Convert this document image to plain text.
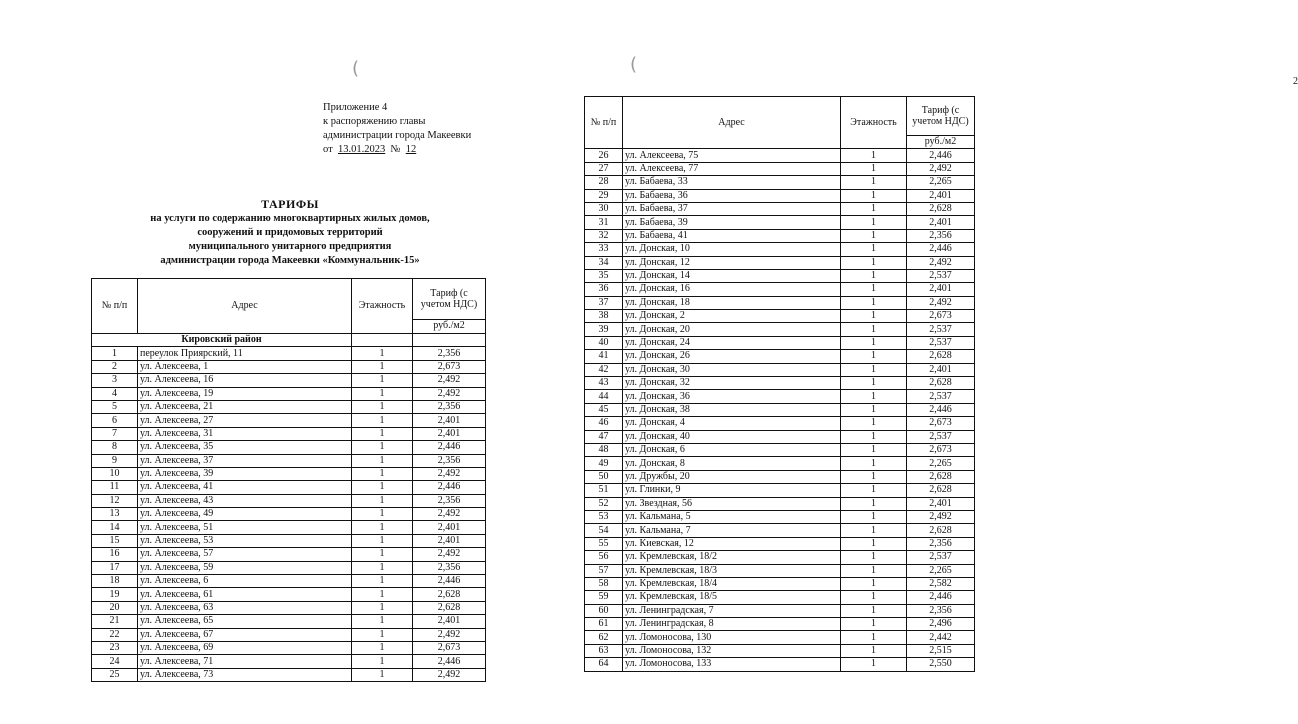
(
Приложение 4
к распоряжению главы
администрации города Макеевки
от 13.01.2023 № 12
ТАРИФЫ
на услуги по содержанию многоквартирных жилых домов,
сооружений и придомовых территорий
муниципального унитарного предприятия
администрации города Макеевки «Коммунальник-15»
№ п/п	Адрес	Этажность	Тариф (с учетом НДС)
			руб./м2
Кировский район			
1	переулок Приярский, 11	1	2,356
2	ул. Алексеева, 1	1	2,673
3	ул. Алексеева, 16	1	2,492
4	ул. Алексеева, 19	1	2,492
5	ул. Алексеева, 21	1	2,356
6	ул. Алексеева, 27	1	2,401
7	ул. Алексеева, 31	1	2,401
8	ул. Алексеева, 35	1	2,446
9	ул. Алексеева, 37	1	2,356
10	ул. Алексеева, 39	1	2,492
11	ул. Алексеева, 41	1	2,446
12	ул. Алексеева, 43	1	2,356
13	ул. Алексеева, 49	1	2,492
14	ул. Алексеева, 51	1	2,401
15	ул. Алексеева, 53	1	2,401
16	ул. Алексеева, 57	1	2,492
17	ул. Алексеева, 59	1	2,356
18	ул. Алексеева, 6	1	2,446
19	ул. Алексеева, 61	1	2,628
20	ул. Алексеева, 63	1	2,628
21	ул. Алексеева, 65	1	2,401
22	ул. Алексеева, 67	1	2,492
23	ул. Алексеева, 69	1	2,673
24	ул. Алексеева, 71	1	2,446
25	ул. Алексеева, 73	1	2,492
(
2
№ п/п	Адрес	Этажность	Тариф (с учетом НДС)
			руб./м2
26	ул. Алексеева, 75	1	2,446
27	ул. Алексеева, 77	1	2,492
28	ул. Бабаева, 33	1	2,265
29	ул. Бабаева, 36	1	2,401
30	ул. Бабаева, 37	1	2,628
31	ул. Бабаева, 39	1	2,401
32	ул. Бабаева, 41	1	2,356
33	ул. Донская, 10	1	2,446
34	ул. Донская, 12	1	2,492
35	ул. Донская, 14	1	2,537
36	ул. Донская, 16	1	2,401
37	ул. Донская, 18	1	2,492
38	ул. Донская, 2	1	2,673
39	ул. Донская, 20	1	2,537
40	ул. Донская, 24	1	2,537
41	ул. Донская, 26	1	2,628
42	ул. Донская, 30	1	2,401
43	ул. Донская, 32	1	2,628
44	ул. Донская, 36	1	2,537
45	ул. Донская, 38	1	2,446
46	ул. Донская, 4	1	2,673
47	ул. Донская, 40	1	2,537
48	ул. Донская, 6	1	2,673
49	ул. Донская, 8	1	2,265
50	ул. Дружбы, 20	1	2,628
51	ул. Глинки, 9	1	2,628
52	ул. Звездная, 56	1	2,401
53	ул. Кальмана, 5	1	2,492
54	ул. Кальмана, 7	1	2,628
55	ул. Киевская, 12	1	2,356
56	ул. Кремлевская, 18/2	1	2,537
57	ул. Кремлевская, 18/3	1	2,265
58	ул. Кремлевская, 18/4	1	2,582
59	ул. Кремлевская, 18/5	1	2,446
60	ул. Ленинградская, 7	1	2,356
61	ул. Ленинградская, 8	1	2,496
62	ул. Ломоносова, 130	1	2,442
63	ул. Ломоносова, 132	1	2,515
64	ул. Ломоносова, 133	1	2,550
